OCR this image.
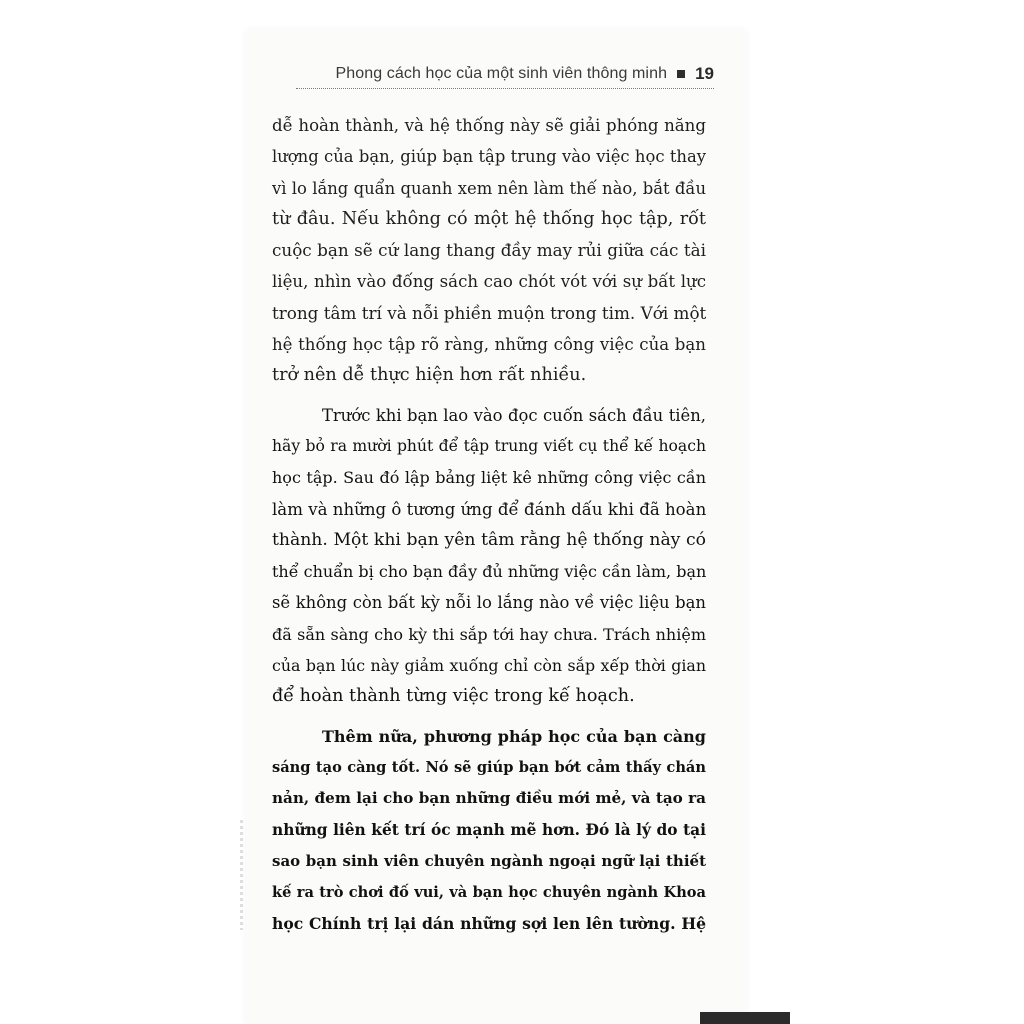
Phong cách học của một sinh viên thông minh 19
dễ hoàn thành, và hệ thống này sẽ giải phóng năng
lượng của bạn, giúp bạn tập trung vào việc học thay
vì lo lắng quẩn quanh xem nên làm thế nào, bắt đầu
từ đâu. Nếu không có một hệ thống học tập, rốt
cuộc bạn sẽ cứ lang thang đầy may rủi giữa các tài
liệu, nhìn vào đống sách cao chót vót với sự bất lực
trong tâm trí và nỗi phiền muộn trong tim. Với một
hệ thống học tập rõ ràng, những công việc của bạn
trở nên dễ thực hiện hơn rất nhiều.
Trước khi bạn lao vào đọc cuốn sách đầu tiên,
hãy bỏ ra mười phút để tập trung viết cụ thể kế hoạch
học tập. Sau đó lập bảng liệt kê những công việc cần
làm và những ô tương ứng để đánh dấu khi đã hoàn
thành. Một khi bạn yên tâm rằng hệ thống này có
thể chuẩn bị cho bạn đầy đủ những việc cần làm, bạn
sẽ không còn bất kỳ nỗi lo lắng nào về việc liệu bạn
đã sẵn sàng cho kỳ thi sắp tới hay chưa. Trách nhiệm
của bạn lúc này giảm xuống chỉ còn sắp xếp thời gian
để hoàn thành từng việc trong kế hoạch.
Thêm nữa, phương pháp học của bạn càng
sáng tạo càng tốt. Nó sẽ giúp bạn bớt cảm thấy chán
nản, đem lại cho bạn những điều mới mẻ, và tạo ra
những liên kết trí óc mạnh mẽ hơn. Đó là lý do tại
sao bạn sinh viên chuyên ngành ngoại ngữ lại thiết
kế ra trò chơi đố vui, và bạn học chuyên ngành Khoa
học Chính trị lại dán những sợi len lên tường. Hệ
